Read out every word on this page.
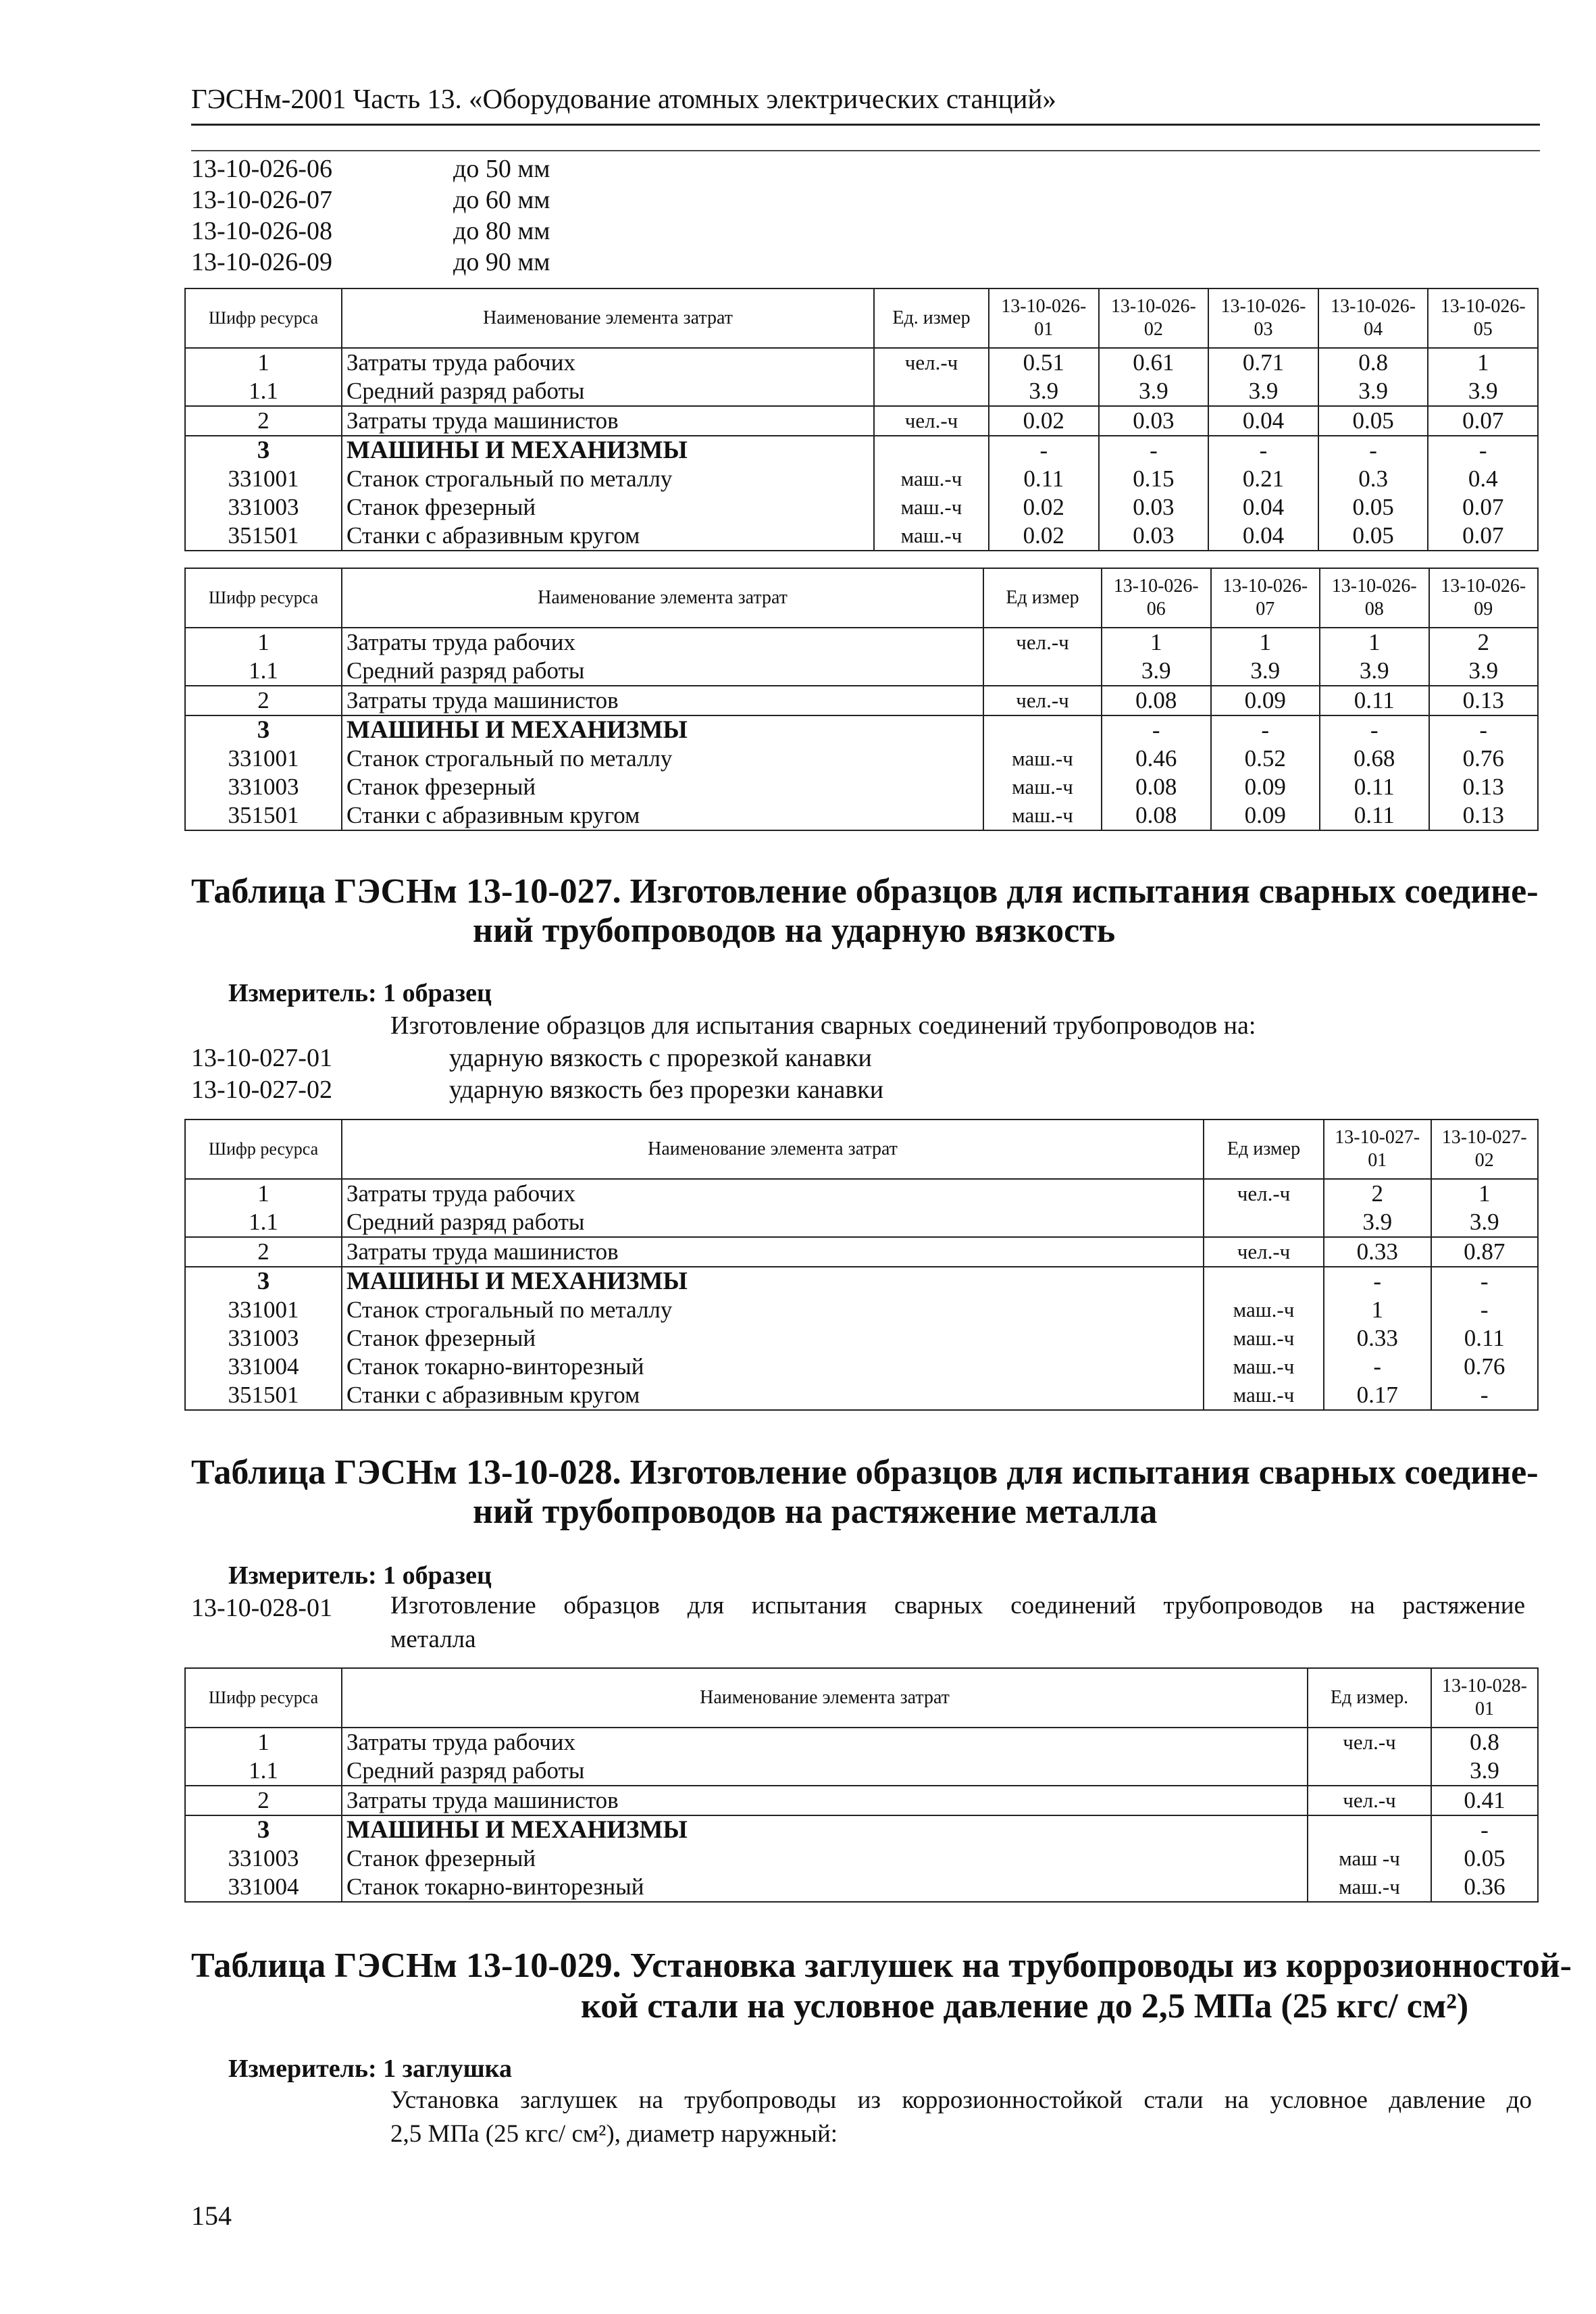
ГЭСНм-2001 Часть 13. «Оборудование атомных электрических станций»
13-10-026-06	до 50 мм
13-10-026-07	до 60 мм
13-10-026-08	до 80 мм
13-10-026-09	до 90 мм
Шифр ресурса	Наименование элемента затрат	Ед. измер	13-10-026-01	13-10-026-02	13-10-026-03	13-10-026-04	13-10-026-05
1	Затраты труда рабочих	чел.-ч	0.51	0.61	0.71	0.8	1
1.1	Средний разряд работы		3.9	3.9	3.9	3.9	3.9
2	Затраты труда машинистов	чел.-ч	0.02	0.03	0.04	0.05	0.07
3	МАШИНЫ И МЕХАНИЗМЫ		-	-	-	-	-
331001	Станок строгальный по металлу	маш.-ч	0.11	0.15	0.21	0.3	0.4
331003	Станок фрезерный	маш.-ч	0.02	0.03	0.04	0.05	0.07
351501	Станки с абразивным кругом	маш.-ч	0.02	0.03	0.04	0.05	0.07
Шифр ресурса	Наименование элемента затрат	Ед измер	13-10-026-06	13-10-026-07	13-10-026-08	13-10-026-09
1	Затраты труда рабочих	чел.-ч	1	1	1	2
1.1	Средний разряд работы		3.9	3.9	3.9	3.9
2	Затраты труда машинистов	чел.-ч	0.08	0.09	0.11	0.13
3	МАШИНЫ И МЕХАНИЗМЫ		-	-	-	-
331001	Станок строгальный по металлу	маш.-ч	0.46	0.52	0.68	0.76
331003	Станок фрезерный	маш.-ч	0.08	0.09	0.11	0.13
351501	Станки с абразивным кругом	маш.-ч	0.08	0.09	0.11	0.13
Таблица ГЭСНм 13-10-027. Изготовление образцов для испытания сварных соедине-
ний трубопроводов на ударную вязкость
Измеритель: 1 образец
Изготовление образцов для испытания сварных соединений трубопроводов на:
13-10-027-01	ударную вязкость с прорезкой канавки
13-10-027-02	ударную вязкость без прорезки канавки
Шифр ресурса	Наименование элемента затрат	Ед измер	13-10-027-01	13-10-027-02
1	Затраты труда рабочих	чел.-ч	2	1
1.1	Средний разряд работы		3.9	3.9
2	Затраты труда машинистов	чел.-ч	0.33	0.87
3	МАШИНЫ И МЕХАНИЗМЫ		-	-
331001	Станок строгальный по металлу	маш.-ч	1	-
331003	Станок фрезерный	маш.-ч	0.33	0.11
331004	Станок токарно-винторезный	маш.-ч	-	0.76
351501	Станки с абразивным кругом	маш.-ч	0.17	-
Таблица ГЭСНм 13-10-028. Изготовление образцов для испытания сварных соедине-
ний трубопроводов на растяжение металла
Измеритель: 1 образец
13-10-028-01 Изготовление образцов для испытания сварных соединений трубопроводов на растяжение
металла
Шифр ресурса	Наименование элемента затрат	Ед измер.	13-10-028-01
1	Затраты труда рабочих	чел.-ч	0.8
1.1	Средний разряд работы		3.9
2	Затраты труда машинистов	чел.-ч	0.41
3	МАШИНЫ И МЕХАНИЗМЫ		-
331003	Станок фрезерный	маш -ч	0.05
331004	Станок токарно-винторезный	маш.-ч	0.36
Таблица ГЭСНм 13-10-029. Установка заглушек на трубопроводы из коррозионностой-
кой стали на условное давление до 2,5 МПа (25 кгс/ см²)
Измеритель: 1 заглушка
Установка заглушек на трубопроводы из коррозионностойкой стали на условное давление до
2,5 МПа (25 кгс/ см²), диаметр наружный:
154
